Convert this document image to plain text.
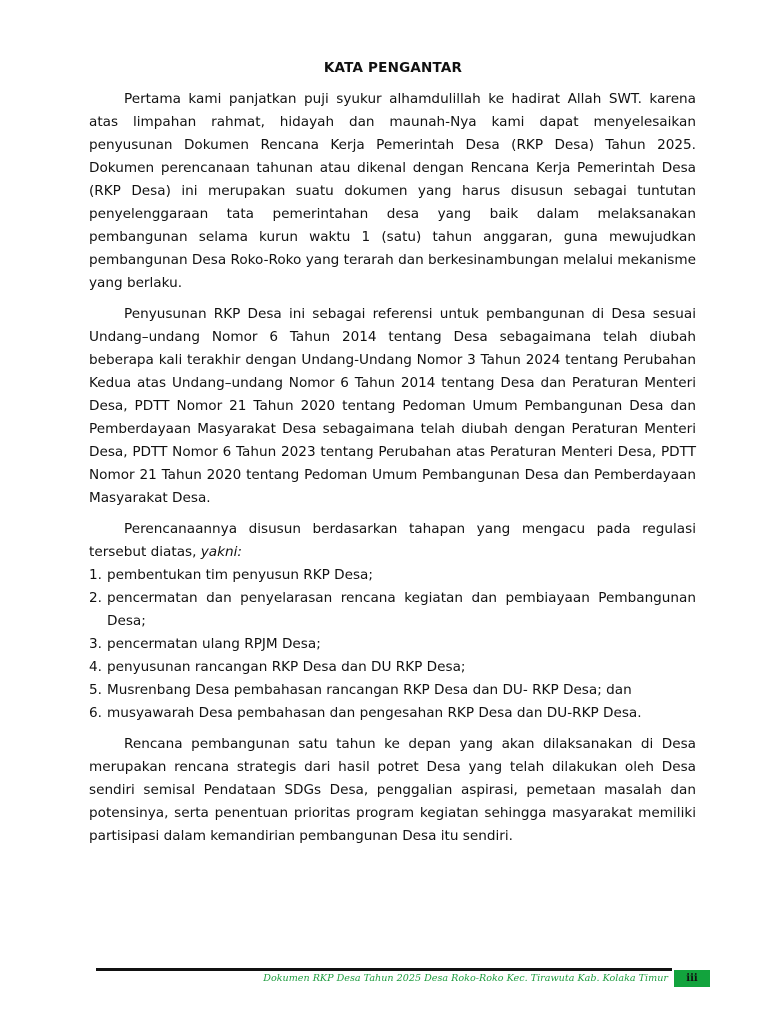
KATA PENGANTAR

Pertama kami panjatkan puji syukur alhamdulillah ke hadirat Allah SWT. karena atas limpahan rahmat, hidayah dan maunah-Nya kami dapat menyelesaikan penyusunan Dokumen Rencana Kerja Pemerintah Desa (RKP Desa) Tahun 2025. Dokumen perencanaan tahunan atau dikenal dengan Rencana Kerja Pemerintah Desa (RKP Desa) ini merupakan suatu dokumen yang harus disusun sebagai tuntutan penyelenggaraan tata pemerintahan desa yang baik dalam melaksanakan pembangunan selama kurun waktu 1 (satu) tahun anggaran, guna mewujudkan pembangunan Desa Roko-Roko yang terarah dan berkesinambungan melalui mekanisme yang berlaku.

Penyusunan RKP Desa ini sebagai referensi untuk pembangunan di Desa sesuai Undang–undang Nomor 6 Tahun 2014 tentang Desa sebagaimana telah diubah beberapa kali terakhir dengan Undang-Undang Nomor 3 Tahun 2024 tentang Perubahan Kedua atas Undang–undang Nomor 6 Tahun 2014 tentang Desa dan Peraturan Menteri Desa, PDTT Nomor 21 Tahun 2020 tentang Pedoman Umum Pembangunan Desa dan Pemberdayaan Masyarakat Desa sebagaimana telah diubah dengan Peraturan Menteri Desa, PDTT Nomor 6 Tahun 2023 tentang Perubahan atas Peraturan Menteri Desa, PDTT Nomor 21 Tahun 2020 tentang Pedoman Umum Pembangunan Desa dan Pemberdayaan Masyarakat Desa.

Perencanaannya disusun berdasarkan tahapan yang mengacu pada regulasi tersebut diatas, yakni:

1. pembentukan tim penyusun RKP Desa;
2. pencermatan dan penyelarasan rencana kegiatan dan pembiayaan Pembangunan Desa;
3. pencermatan ulang RPJM Desa;
4. penyusunan rancangan RKP Desa dan DU RKP Desa;
5. Musrenbang Desa pembahasan rancangan RKP Desa dan DU- RKP Desa; dan
6. musyawarah Desa pembahasan dan pengesahan RKP Desa dan DU-RKP Desa.

Rencana pembangunan satu tahun ke depan yang akan dilaksanakan di Desa merupakan rencana strategis dari hasil potret Desa yang telah dilakukan oleh Desa sendiri semisal Pendataan SDGs Desa, penggalian aspirasi, pemetaan masalah dan potensinya, serta penentuan prioritas program kegiatan sehingga masyarakat memiliki partisipasi dalam kemandirian pembangunan Desa itu sendiri.

Dokumen RKP Desa Tahun 2025 Desa Roko-Roko Kec. Tirawuta Kab. Kolaka Timur	iii
